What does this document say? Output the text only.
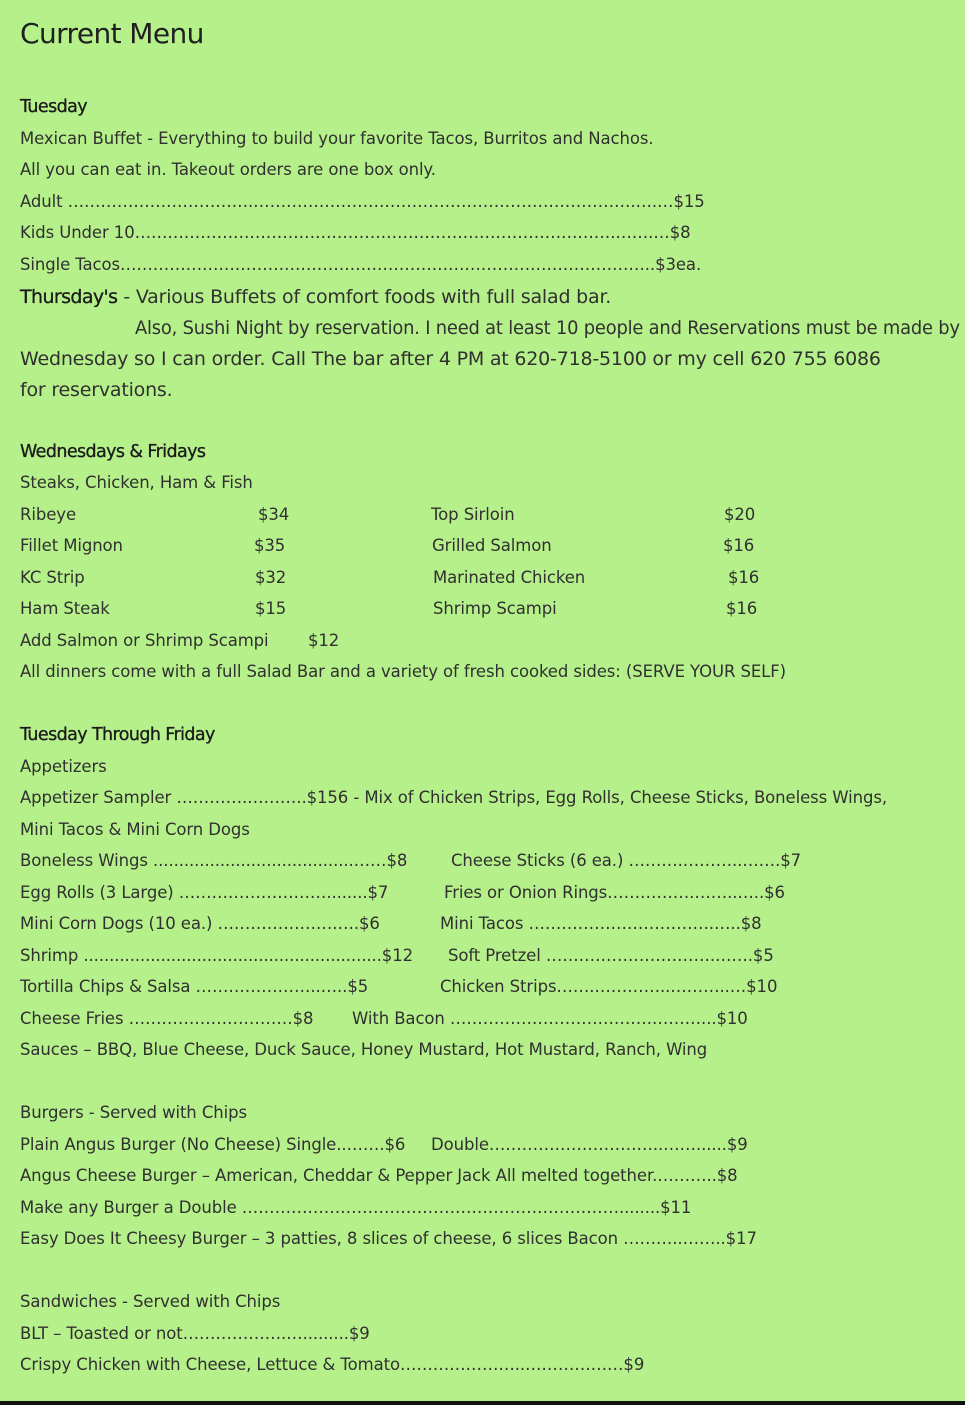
Current Menu
Tuesday
Mexican Buffet - Everything to build your favorite Tacos, Burritos and Nachos.
All you can eat in. Takeout orders are one box only.
Adult …………………………….…………………………………………………………….….…$15
Kids Under 10…………………………………………………………………………….…….…$8
Single Tacos……………………………………………………………………………………..$3ea.
Thursday's - Various Buffets of comfort foods with full salad bar.
Also, Sushi Night by reservation. I need at least 10 people and Reservations must be made by
Wednesday so I can order. Call The bar after 4 PM at 620-718-5100 or my cell 620 755 6086
for reservations.
Wednesdays & Fridays
Steaks, Chicken, Ham & Fish
Ribeye	$34	Top Sirloin	$20
Fillet Mignon	$35	Grilled Salmon	$16
KC Strip	$32	Marinated Chicken	$16
Ham Steak	$15	Shrimp Scampi	$16
Add Salmon or Shrimp Scampi $12
All dinners come with a full Salad Bar and a variety of fresh cooked sides: (SERVE YOUR SELF)
Tuesday Through Friday
Appetizers
Appetizer Sampler ………….………..$156 - Mix of Chicken Strips, Egg Rolls, Cheese Sticks, Boneless Wings,
Mini Tacos & Mini Corn Dogs
Boneless Wings .......................................……$8	Cheese Sticks (6 ea.) ……….………..…….$7
Egg Rolls (3 Large) ………………………........$7	Fries or Onion Rings…………….……..…..$6
Mini Corn Dogs (10 ea.) ………………….….$6	Mini Tacos …………………………….…..$8
Shrimp ..........................................................$12 Soft Pretzel ………………………….…….$5
Tortilla Chips & Salsa …………………..…..$5	Chicken Strips…….…………..………..…$10
Cheese Fries …………………………$8 With Bacon ……………………………….………...$10
Sauces – BBQ, Blue Cheese, Duck Sauce, Honey Mustard, Hot Mustard, Ranch, Wing
Burgers - Served with Chips
Plain Angus Burger (No Cheese) Single..…….$6 Double…………………………..……......$9
Angus Cheese Burger – American, Cheddar & Pepper Jack All melted together.………..$8
Make any Burger a Double ……………………………………………………………........$11
Easy Does It Cheesy Burger – 3 patties, 8 slices of cheese, 6 slices Bacon ………..……..$17
Sandwiches - Served with Chips
BLT – Toasted or not……………….….........$9
Crispy Chicken with Cheese, Lettuce & Tomato…………………..………………$9
